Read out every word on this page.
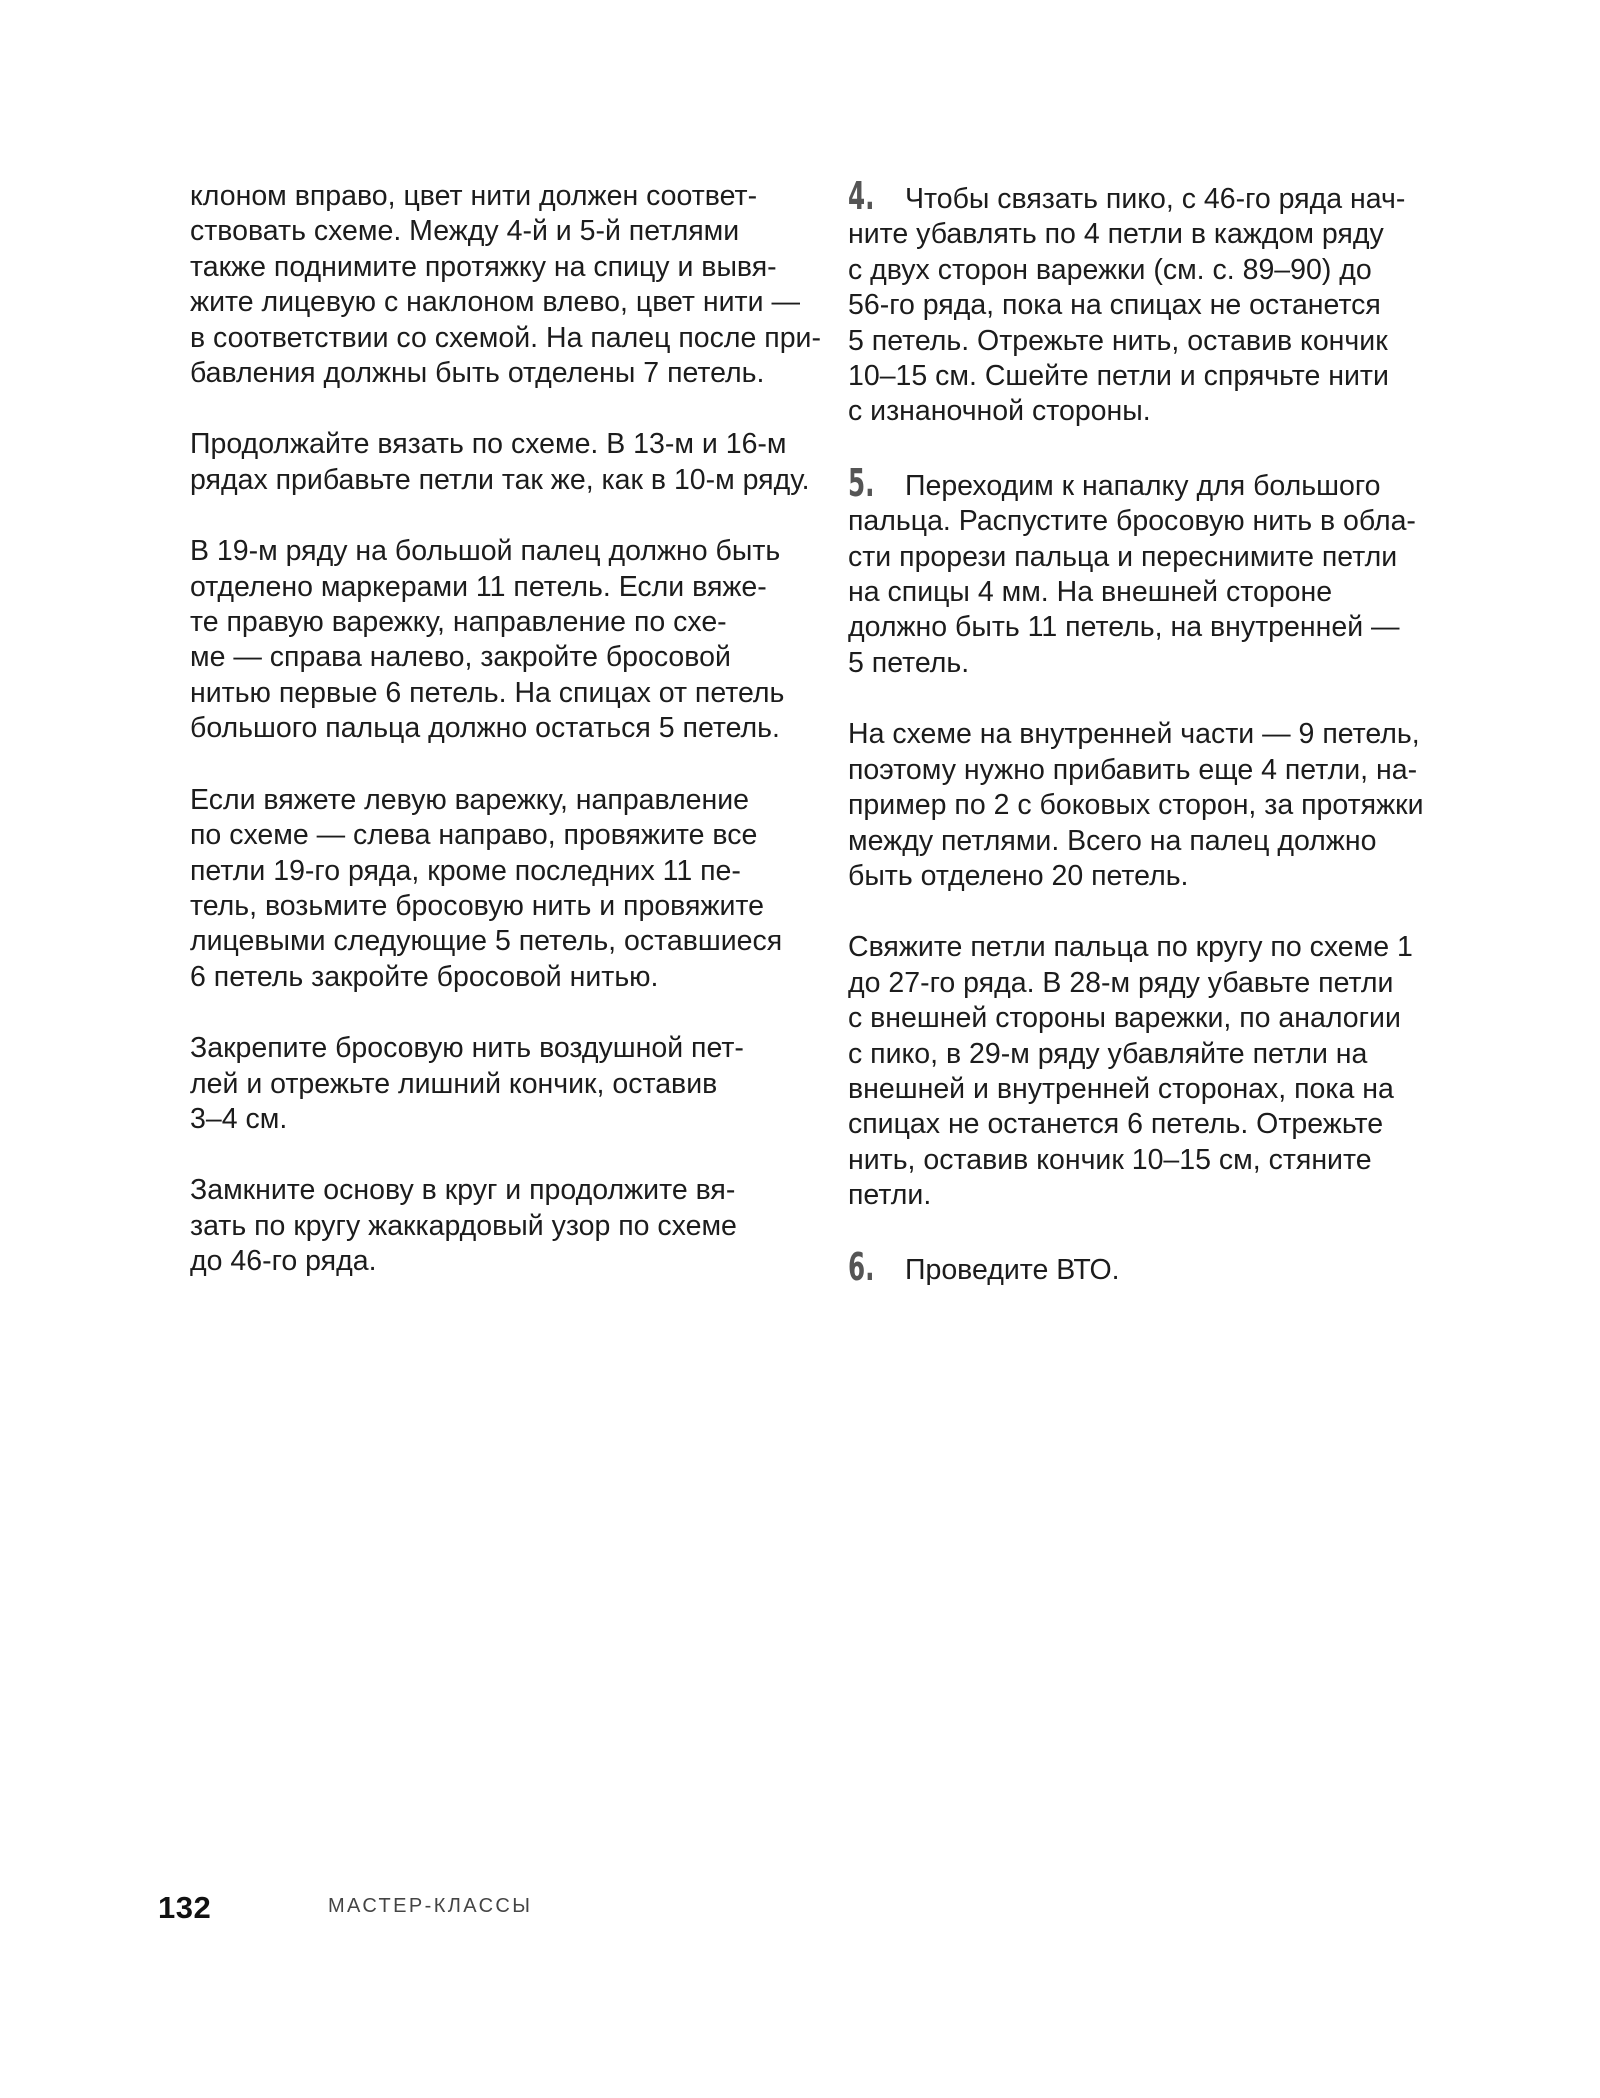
клоном вправо, цвет нити должен соответ-
ствовать схеме. Между 4-й и 5-й петлями
также поднимите протяжку на спицу и вывя-
жите лицевую с наклоном влево, цвет нити —
в соответствии со схемой. На палец после при-
бавления должны быть отделены 7 петель.

Продолжайте вязать по схеме. В 13-м и 16-м
рядах прибавьте петли так же, как в 10-м ряду.

В 19-м ряду на большой палец должно быть
отделено маркерами 11 петель. Если вяже-
те правую варежку, направление по схе-
ме — справа налево, закройте бросовой
нитью первые 6 петель. На спицах от петель
большого пальца должно остаться 5 петель.

Если вяжете левую варежку, направление
по схеме — слева направо, провяжите все
петли 19-го ряда, кроме последних 11 пе-
тель, возьмите бросовую нить и провяжите
лицевыми следующие 5 петель, оставшиеся
6 петель закройте бросовой нитью.

Закрепите бросовую нить воздушной пет-
лей и отрежьте лишний кончик, оставив
3–4 см.

Замкните основу в круг и продолжите вя-
зать по кругу жаккардовый узор по схеме
до 46-го ряда.

4. Чтобы связать пико, с 46-го ряда нач-
ните убавлять по 4 петли в каждом ряду
с двух сторон варежки (см. с. 89–90) до
56-го ряда, пока на спицах не останется
5 петель. Отрежьте нить, оставив кончик
10–15 см. Сшейте петли и спрячьте нити
с изнаночной стороны.

5. Переходим к напалку для большого
пальца. Распустите бросовую нить в обла-
сти прорези пальца и переснимите петли
на спицы 4 мм. На внешней стороне
должно быть 11 петель, на внутренней —
5 петель.

На схеме на внутренней части — 9 петель,
поэтому нужно прибавить еще 4 петли, на-
пример по 2 с боковых сторон, за протяжки
между петлями. Всего на палец должно
быть отделено 20 петель.

Свяжите петли пальца по кругу по схеме 1
до 27-го ряда. В 28-м ряду убавьте петли
с внешней стороны варежки, по аналогии
с пико, в 29-м ряду убавляйте петли на
внешней и внутренней сторонах, пока на
спицах не останется 6 петель. Отрежьте
нить, оставив кончик 10–15 см, стяните
петли.

6. Проведите ВТО.

132	МАСТЕР-КЛАССЫ
